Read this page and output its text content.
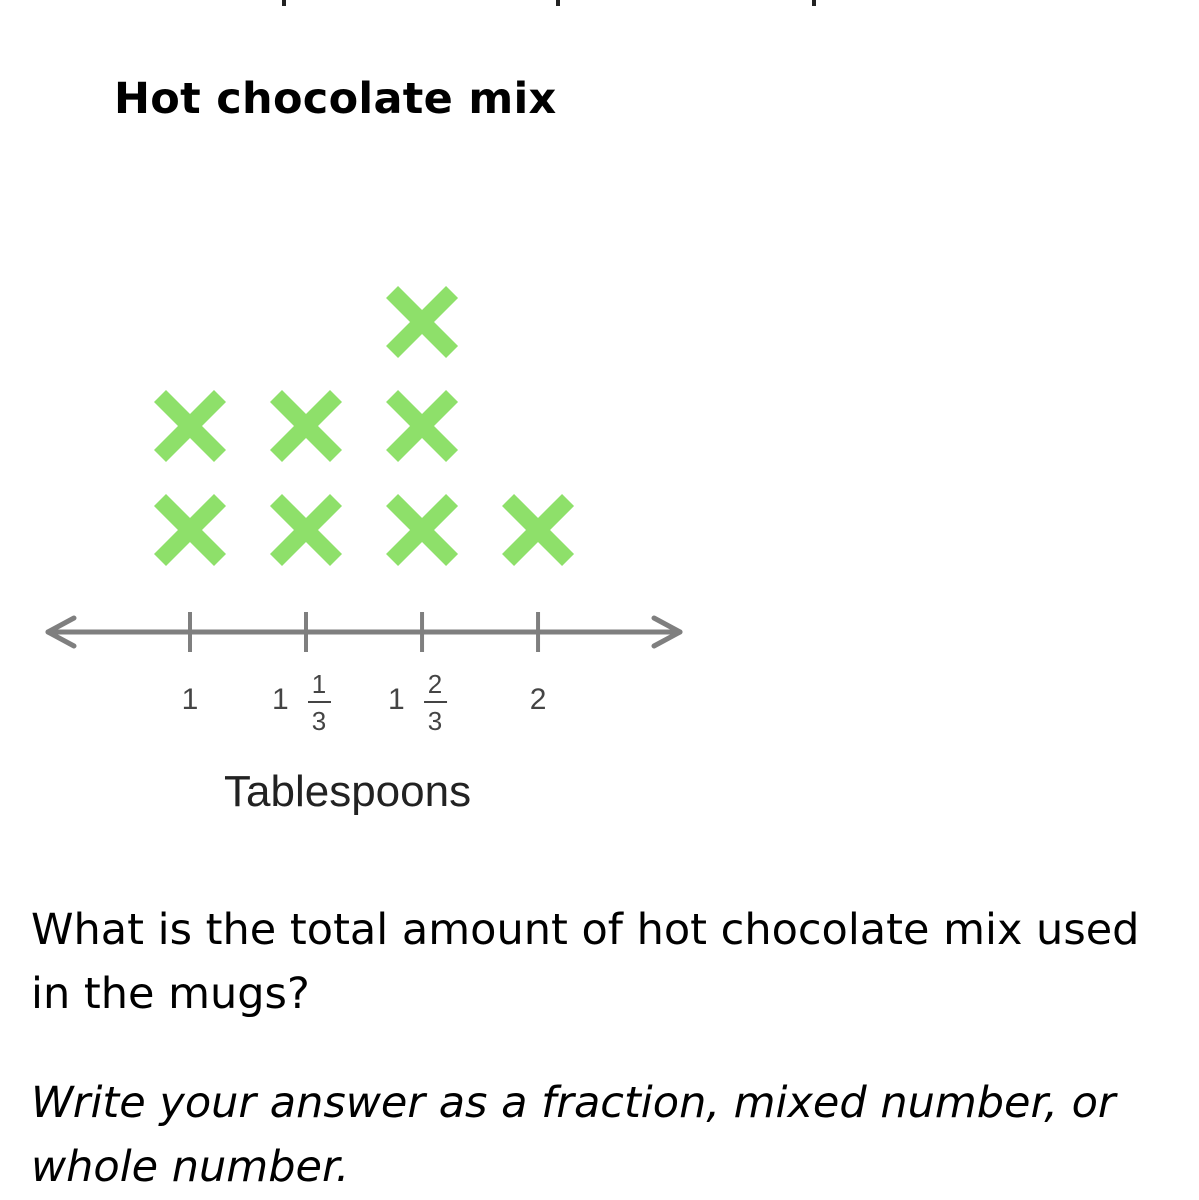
Hot chocolate mix
1 1 1
3
1 2
3
2
Tablespoons
What is the total amount of hot chocolate mix used in the mugs?
Write your answer as a fraction, mixed number, or whole number.
